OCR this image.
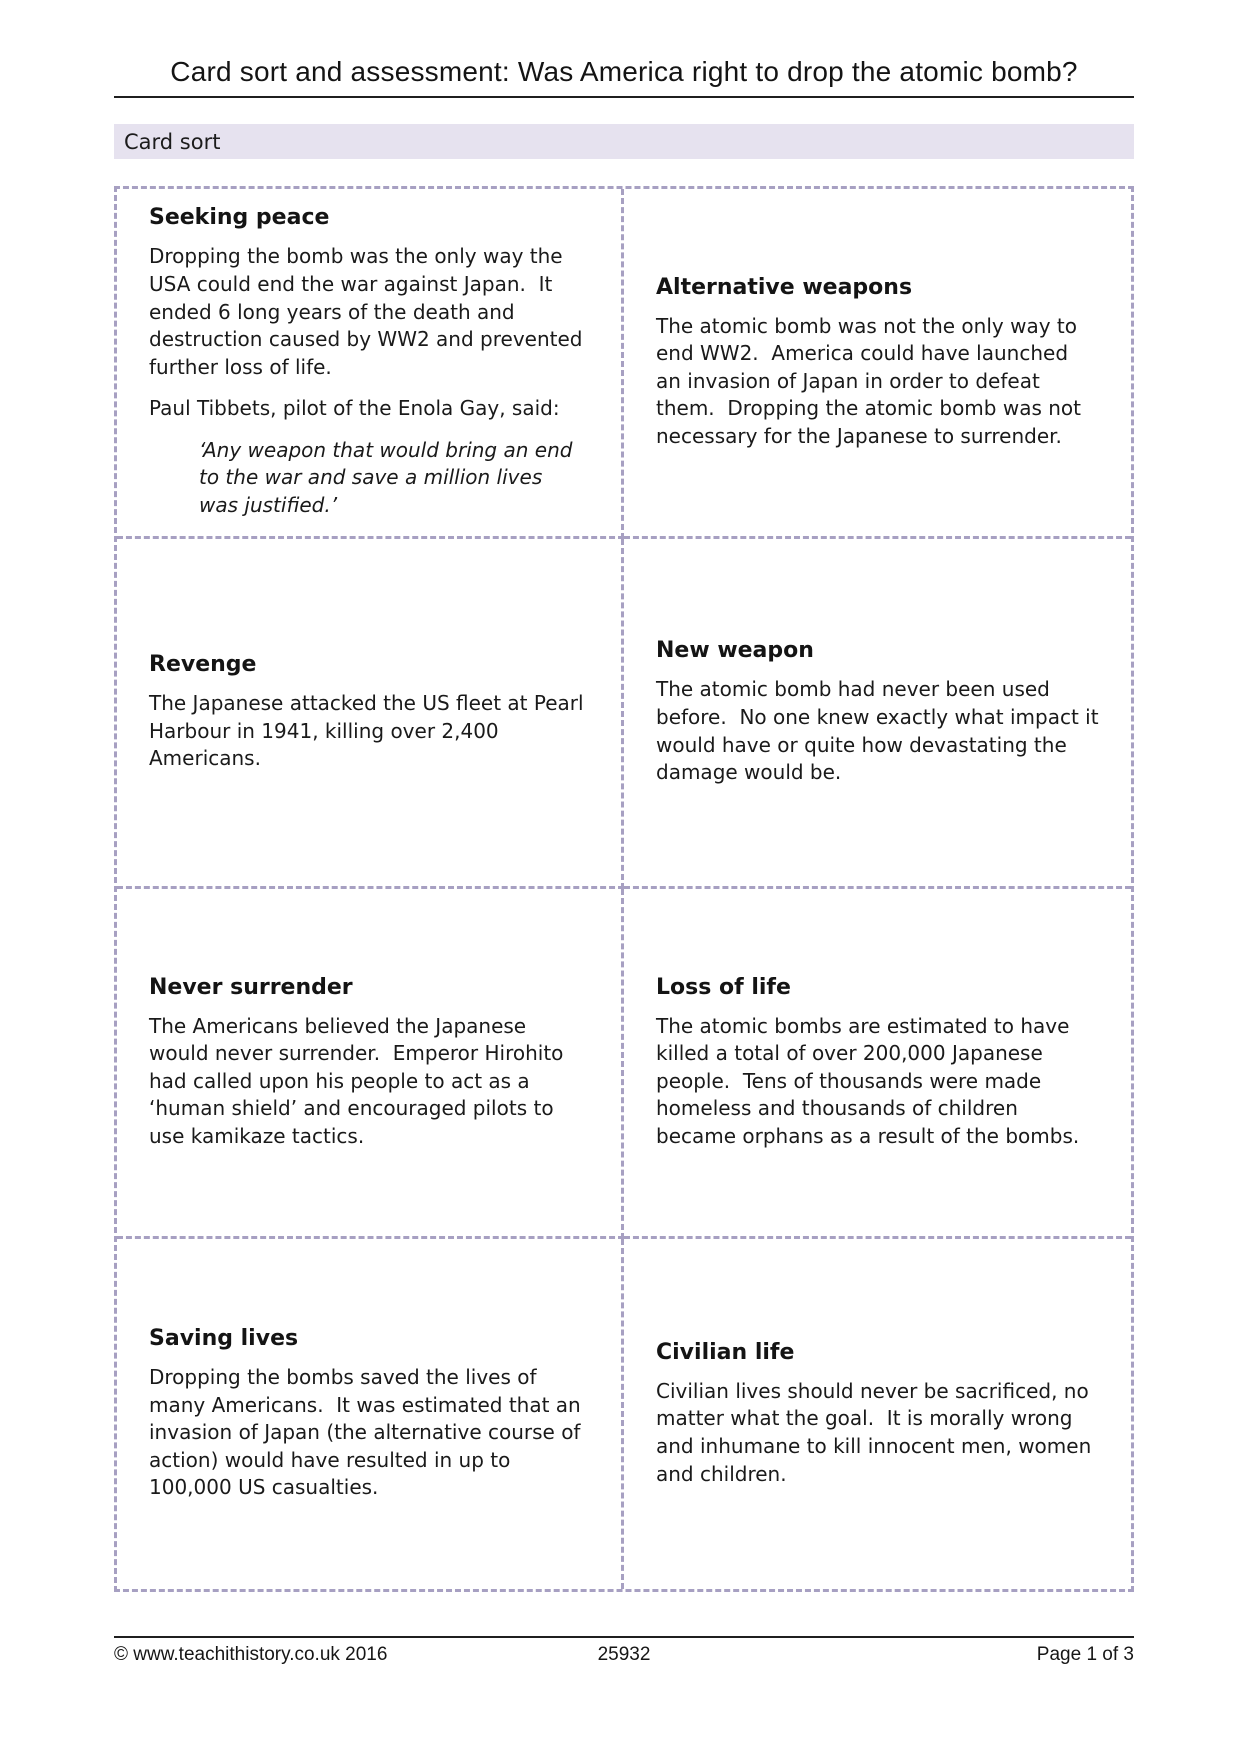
Card sort and assessment: Was America right to drop the atomic bomb?
Card sort
Seeking peace

Dropping the bomb was the only way the USA could end the war against Japan.  It ended 6 long years of the death and destruction caused by WW2 and prevented further loss of life.

Paul Tibbets, pilot of the Enola Gay, said:

‘Any weapon that would bring an end to the war and save a million lives was justified.’

Alternative weapons

The atomic bomb was not the only way to end WW2.  America could have launched an invasion of Japan in order to defeat them.  Dropping the atomic bomb was not necessary for the Japanese to surrender.

Revenge

The Japanese attacked the US fleet at Pearl Harbour in 1941, killing over 2,400 Americans.

New weapon

The atomic bomb had never been used before.  No one knew exactly what impact it would have or quite how devastating the damage would be.

Never surrender

The Americans believed the Japanese would never surrender.  Emperor Hirohito had called upon his people to act as a ‘human shield’ and encouraged pilots to use kamikaze tactics.

Loss of life

The atomic bombs are estimated to have killed a total of over 200,000 Japanese people.  Tens of thousands were made homeless and thousands of children became orphans as a result of the bombs.

Saving lives

Dropping the bombs saved the lives of many Americans.  It was estimated that an invasion of Japan (the alternative course of action) would have resulted in up to 100,000 US casualties.

Civilian life

Civilian lives should never be sacrificed, no matter what the goal.  It is morally wrong and inhumane to kill innocent men, women and children.

© www.teachithistory.co.uk 2016	25932	Page 1 of 3
